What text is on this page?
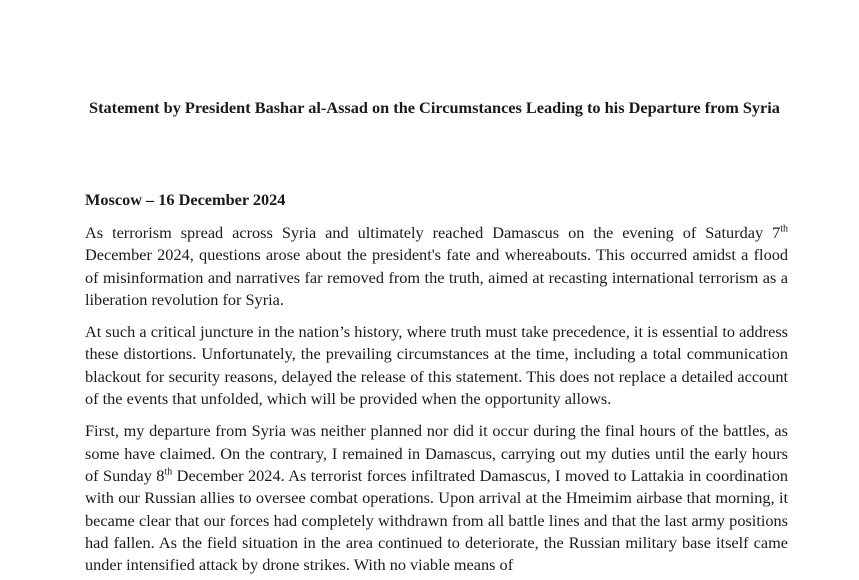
Statement by President Bashar al-Assad on the Circumstances Leading to his Departure from Syria

Moscow – 16 December 2024

As terrorism spread across Syria and ultimately reached Damascus on the evening of Saturday 7th December 2024, questions arose about the president's fate and whereabouts. This occurred amidst a flood of misinformation and narratives far removed from the truth, aimed at recasting international terrorism as a liberation revolution for Syria.

At such a critical juncture in the nation’s history, where truth must take precedence, it is essential to address these distortions. Unfortunately, the prevailing circumstances at the time, including a total communication blackout for security reasons, delayed the release of this statement. This does not replace a detailed account of the events that unfolded, which will be provided when the opportunity allows.

First, my departure from Syria was neither planned nor did it occur during the final hours of the battles, as some have claimed. On the contrary, I remained in Damascus, carrying out my duties until the early hours of Sunday 8th December 2024. As terrorist forces infiltrated Damascus, I moved to Lattakia in coordination with our Russian allies to oversee combat operations. Upon arrival at the Hmeimim airbase that morning, it became clear that our forces had completely withdrawn from all battle lines and that the last army positions had fallen. As the field situation in the area continued to deteriorate, the Russian military base itself came under intensified attack by drone strikes. With no viable means of
